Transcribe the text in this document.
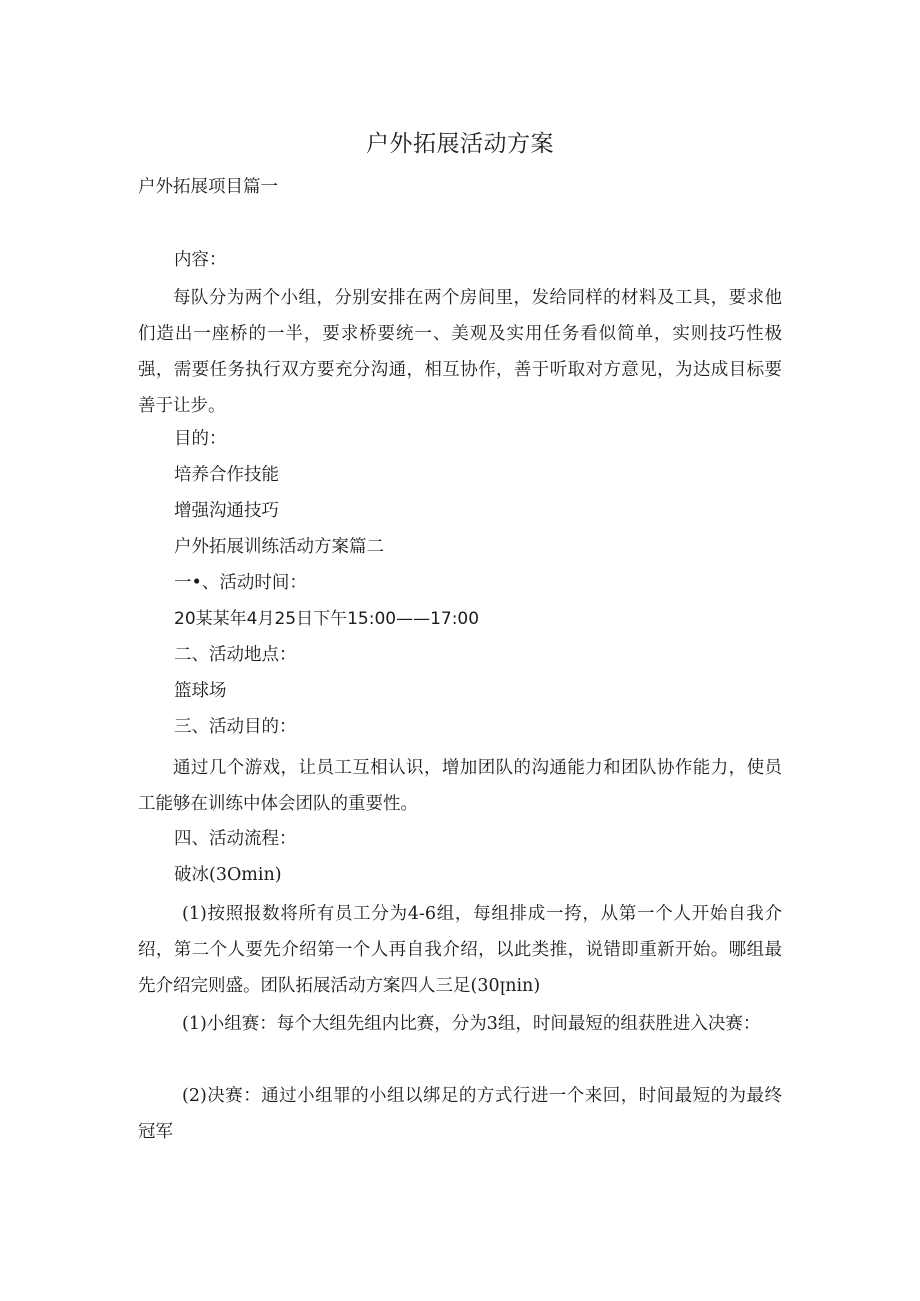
户外拓展活动方案

户外拓展项目篇一

内容：

每队分为两个小组，分别安排在两个房间里，发给同样的材料及工具，要求他们造出一座桥的一半，要求桥要统一、美观及实用任务看似简单，实则技巧性极强，需要任务执行双方要充分沟通，相互协作，善于听取对方意见，为达成目标要善于让步。

目的：

培养合作技能

增强沟通技巧

户外拓展训练活动方案篇二

一•、活动时间：

20某某年4月25日下午15:00——17:00

二、活动地点：

篮球场

三、活动目的：

通过几个游戏，让员工互相认识，增加团队的沟通能力和团队协作能力，使员工能够在训练中体会团队的重要性。

四、活动流程：

破冰(3Omin)

(1)按照报数将所有员工分为4-6组，每组排成一挎，从第一个人开始自我介绍，第二个人要先介绍第一个人再自我介绍，以此类推，说错即重新开始。哪组最先介绍完则盛。团队拓展活动方案四人三足(30ꞁnin)

(1)小组赛：每个大组先组内比赛，分为3组，时间最短的组获胜进入决赛：

(2)决赛：通过小组罪的小组以绑足的方式行进一个来回，时间最短的为最终冠军
